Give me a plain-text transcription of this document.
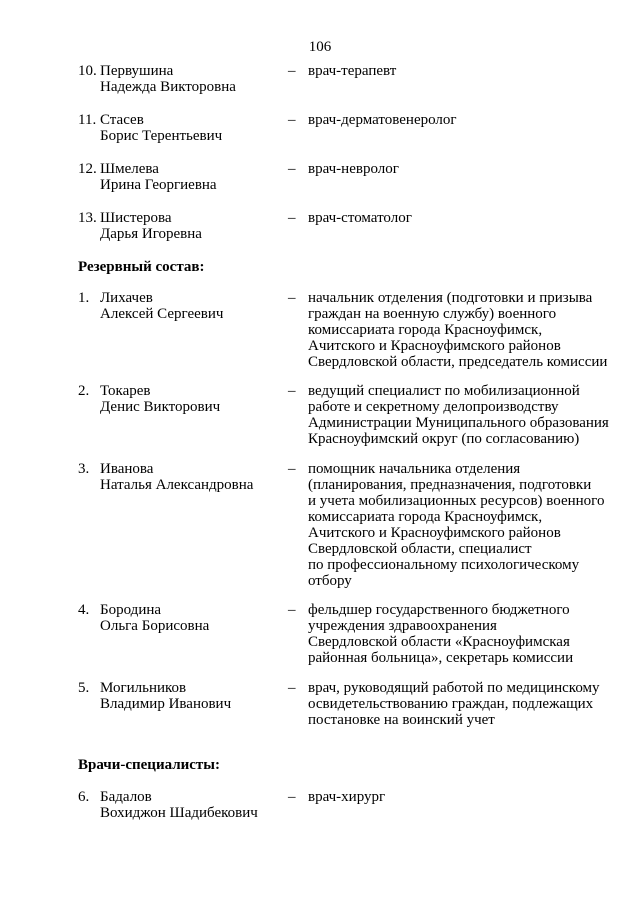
106
10. Первушина
Надежда Викторовна
– врач-терапевт
11. Стасев
Борис Терентьевич
– врач-дерматовенеролог
12. Шмелева
Ирина Георгиевна
– врач-невролог
13. Шистерова
Дарья Игоревна
– врач-стоматолог
Резервный состав:
1. Лихачев
Алексей Сергеевич
– начальник отделения (подготовки и призыва
граждан на военную службу) военного
комиссариата города Красноуфимск,
Ачитского и Красноуфимского районов
Свердловской области, председатель комиссии
2. Токарев
Денис Викторович
– ведущий специалист по мобилизационной
работе и секретному делопроизводству
Администрации Муниципального образования
Красноуфимский округ (по согласованию)
3. Иванова
Наталья Александровна
– помощник начальника отделения
(планирования, предназначения, подготовки
и учета мобилизационных ресурсов) военного
комиссариата города Красноуфимск,
Ачитского и Красноуфимского районов
Свердловской области, специалист
по профессиональному психологическому
отбору
4. Бородина
Ольга Борисовна
– фельдшер государственного бюджетного
учреждения здравоохранения
Свердловской области «Красноуфимская
районная больница», секретарь комиссии
5. Могильников
Владимир Иванович
– врач, руководящий работой по медицинскому
освидетельствованию граждан, подлежащих
постановке на воинский учет
Врачи-специалисты:
6. Бадалов
Вохиджон Шадибекович
– врач-хирург
